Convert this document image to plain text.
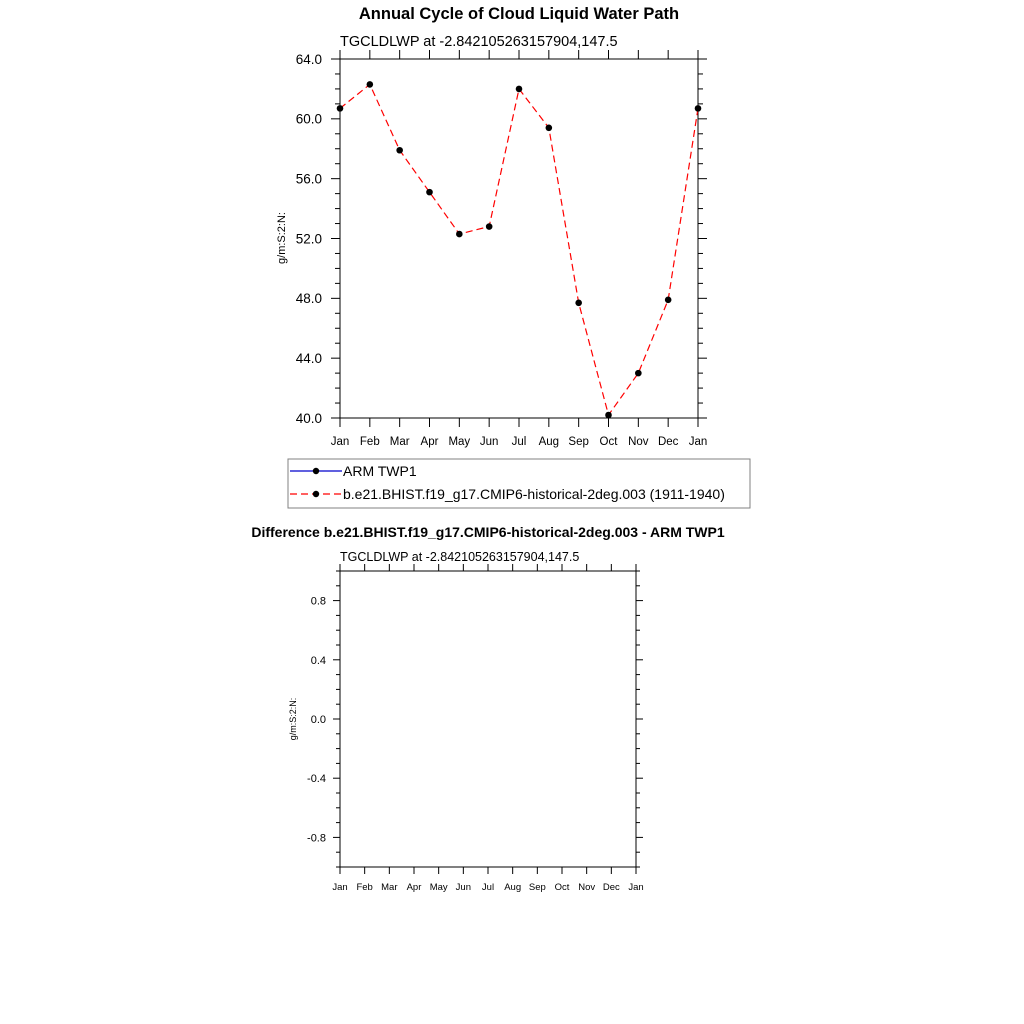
Annual Cycle of Cloud Liquid Water Path
TGCLDLWP at -2.842105263157904,147.5
g/m:S:2:N:
40.0
44.0
48.0
52.0
56.0
60.0
64.0
Jan Feb Mar Apr May Jun Jul Aug Sep Oct Nov Dec Jan
ARM TWP1
b.e21.BHIST.f19_g17.CMIP6-historical-2deg.003 (1911-1940)
Difference b.e21.BHIST.f19_g17.CMIP6-historical-2deg.003 - ARM TWP1
TGCLDLWP at -2.842105263157904,147.5
g/m:S:2:N:
-0.8
-0.4
0.0
0.4
0.8
Jan Feb Mar Apr May Jun Jul Aug Sep Oct Nov Dec Jan
